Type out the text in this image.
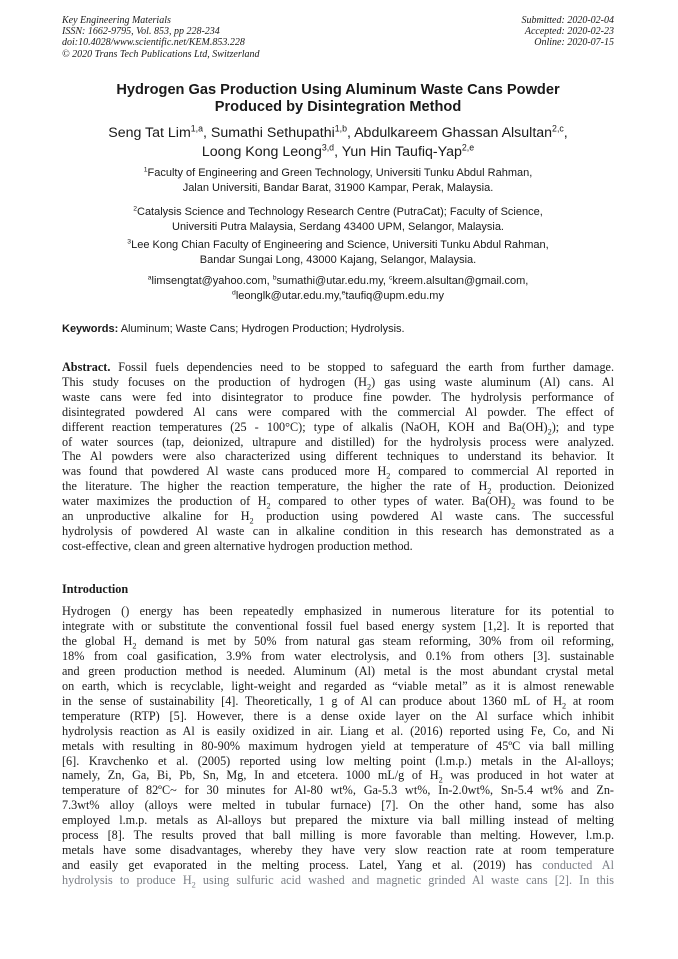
Key Engineering Materials
ISSN: 1662-9795, Vol. 853, pp 228-234
doi:10.4028/www.scientific.net/KEM.853.228
© 2020 Trans Tech Publications Ltd, Switzerland
Submitted: 2020-02-04
Accepted: 2020-02-23
Online: 2020-07-15
Hydrogen Gas Production Using Aluminum Waste Cans Powder
Produced by Disintegration Method
Seng Tat Lim$^{1,a}$, Sumathi Sethupathi$^{1,b}$, Abdulkareem Ghassan Alsultan$^{2,c}$,
Loong Kong Leong$^{3,d}$, Yun Hin Taufiq-Yap$^{2,e}$
$^1$Faculty of Engineering and Green Technology, Universiti Tunku Abdul Rahman,
Jalan Universiti, Bandar Barat, 31900 Kampar, Perak, Malaysia.
$^2$Catalysis Science and Technology Research Centre (PutraCat); Faculty of Science,
Universiti Putra Malaysia, Serdang 43400 UPM, Selangor, Malaysia.
$^3$Lee Kong Chian Faculty of Engineering and Science, Universiti Tunku Abdul Rahman,
Bandar Sungai Long, 43000 Kajang, Selangor, Malaysia.
$^a$limsengtat@yahoo.com, $^b$sumathi@utar.edu.my, $^c$kreem.alsultan@gmail.com,
$^d$leonglk@utar.edu.my,$^e$taufiq@upm.edu.my
Keywords: Aluminum; Waste Cans; Hydrogen Production; Hydrolysis.
Abstract. Fossil fuels dependencies need to be stopped to safeguard the earth from further damage.
This study focuses on the production of hydrogen $(H_2)$ gas using waste aluminum (Al) cans. Al
waste cans were fed into disintegrator to produce fine powder. The hydrolysis performance of
disintegrated powdered Al cans were compared with the commercial Al powder. The effect of
different reaction temperatures (25 - 100°C); type of alkalis (NaOH, KOH and $Ba(OH)_2$); and type
of water sources (tap, deionized, ultrapure and distilled) for the hydrolysis process were analyzed.
The Al powders were also characterized using different techniques to understand its behavior. It
was found that powdered Al waste cans produced more $H_2$ compared to commercial Al reported in
the literature. The higher the reaction temperature, the higher the rate of $H_2$ production. Deionized
water maximizes the production of $H_2$ compared to other types of water. $Ba(OH)_2$ was found to be
an unproductive alkaline for $H_2$ production using powdered Al waste cans. The successful
hydrolysis of powdered Al waste can in alkaline condition in this research has demonstrated as a
cost-effective, clean and green alternative hydrogen production method.
Introduction
Hydrogen () energy has been repeatedly emphasized in numerous literature for its potential to
integrate with or substitute the conventional fossil fuel based energy system [1,2]. It is reported that
the global $H_2$ demand is met by 50% from natural gas steam reforming, 30% from oil reforming,
18% from coal gasification, 3.9% from water electrolysis, and 0.1% from others [3]. sustainable
and green production method is needed. Aluminum (Al) metal is the most abundant crystal metal
on earth, which is recyclable, light-weight and regarded as “viable metal” as it is almost renewable
in the sense of sustainability [4]. Theoretically, 1 g of Al can produce about 1360 mL of $H_2$ at room
temperature (RTP) [5]. However, there is a dense oxide layer on the Al surface which inhibit
hydrolysis reaction as Al is easily oxidized in air. Liang et al. (2016) reported using Fe, Co, and Ni
metals with resulting in 80-90% maximum hydrogen yield at temperature of 45ºC via ball milling
[6]. Kravchenko et al. (2005) reported using low melting point (l.m.p.) metals in the Al-alloys;
namely, Zn, Ga, Bi, Pb, Sn, Mg, In and etcetera. 1000 mL/g of $H_2$ was produced in hot water at
temperature of 82ºC~ for 30 minutes for Al-80 wt%, Ga-5.3 wt%, In-2.0wt%, Sn-5.4 wt% and Zn-
7.3wt% alloy (alloys were melted in tubular furnace) [7]. On the other hand, some has also
employed l.m.p. metals as Al-alloys but prepared the mixture via ball milling instead of melting
process [8]. The results proved that ball milling is more favorable than melting. However, l.m.p.
metals have some disadvantages, whereby they have very slow reaction rate at room temperature
and easily get evaporated in the melting process. Latel, Yang et al. (2019) has conducted Al
hydrolysis to produce $H_2$ using sulfuric acid washed and magnetic grinded Al waste cans [2]. In this
